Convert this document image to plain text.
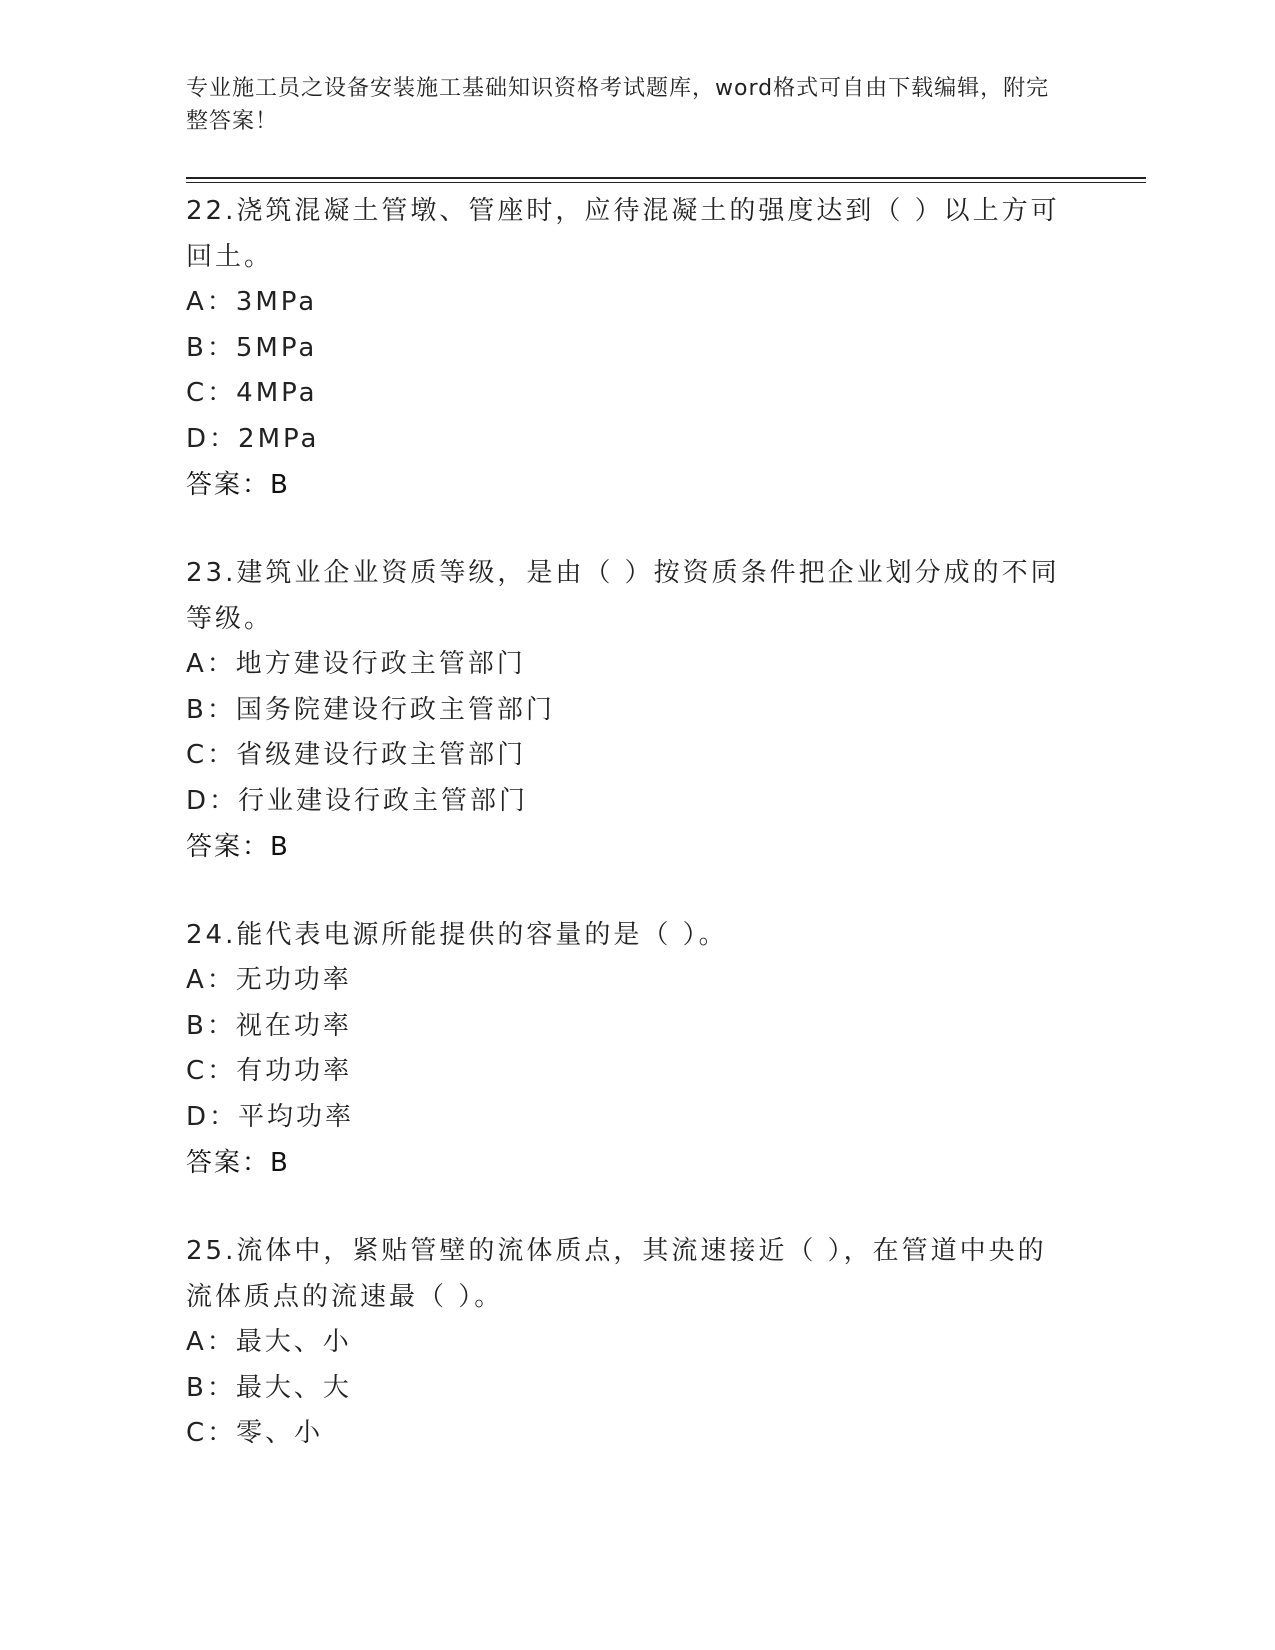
专业施工员之设备安装施工基础知识资格考试题库，word格式可自由下载编辑，附完整答案！

22.浇筑混凝土管墩、管座时，应待混凝土的强度达到（ ）以上方可回土。

A：3MPa

B：5MPa

C：4MPa

D：2MPa

答案：B

23.建筑业企业资质等级，是由（ ）按资质条件把企业划分成的不同等级。

A：地方建设行政主管部门

B：国务院建设行政主管部门

C：省级建设行政主管部门

D：行业建设行政主管部门

答案：B

24.能代表电源所能提供的容量的是（ ）。

A：无功功率

B：视在功率

C：有功功率

D：平均功率

答案：B

25.流体中，紧贴管壁的流体质点，其流速接近（ ），在管道中央的流体质点的流速最（ ）。

A：最大、小

B：最大、大

C：零、小
